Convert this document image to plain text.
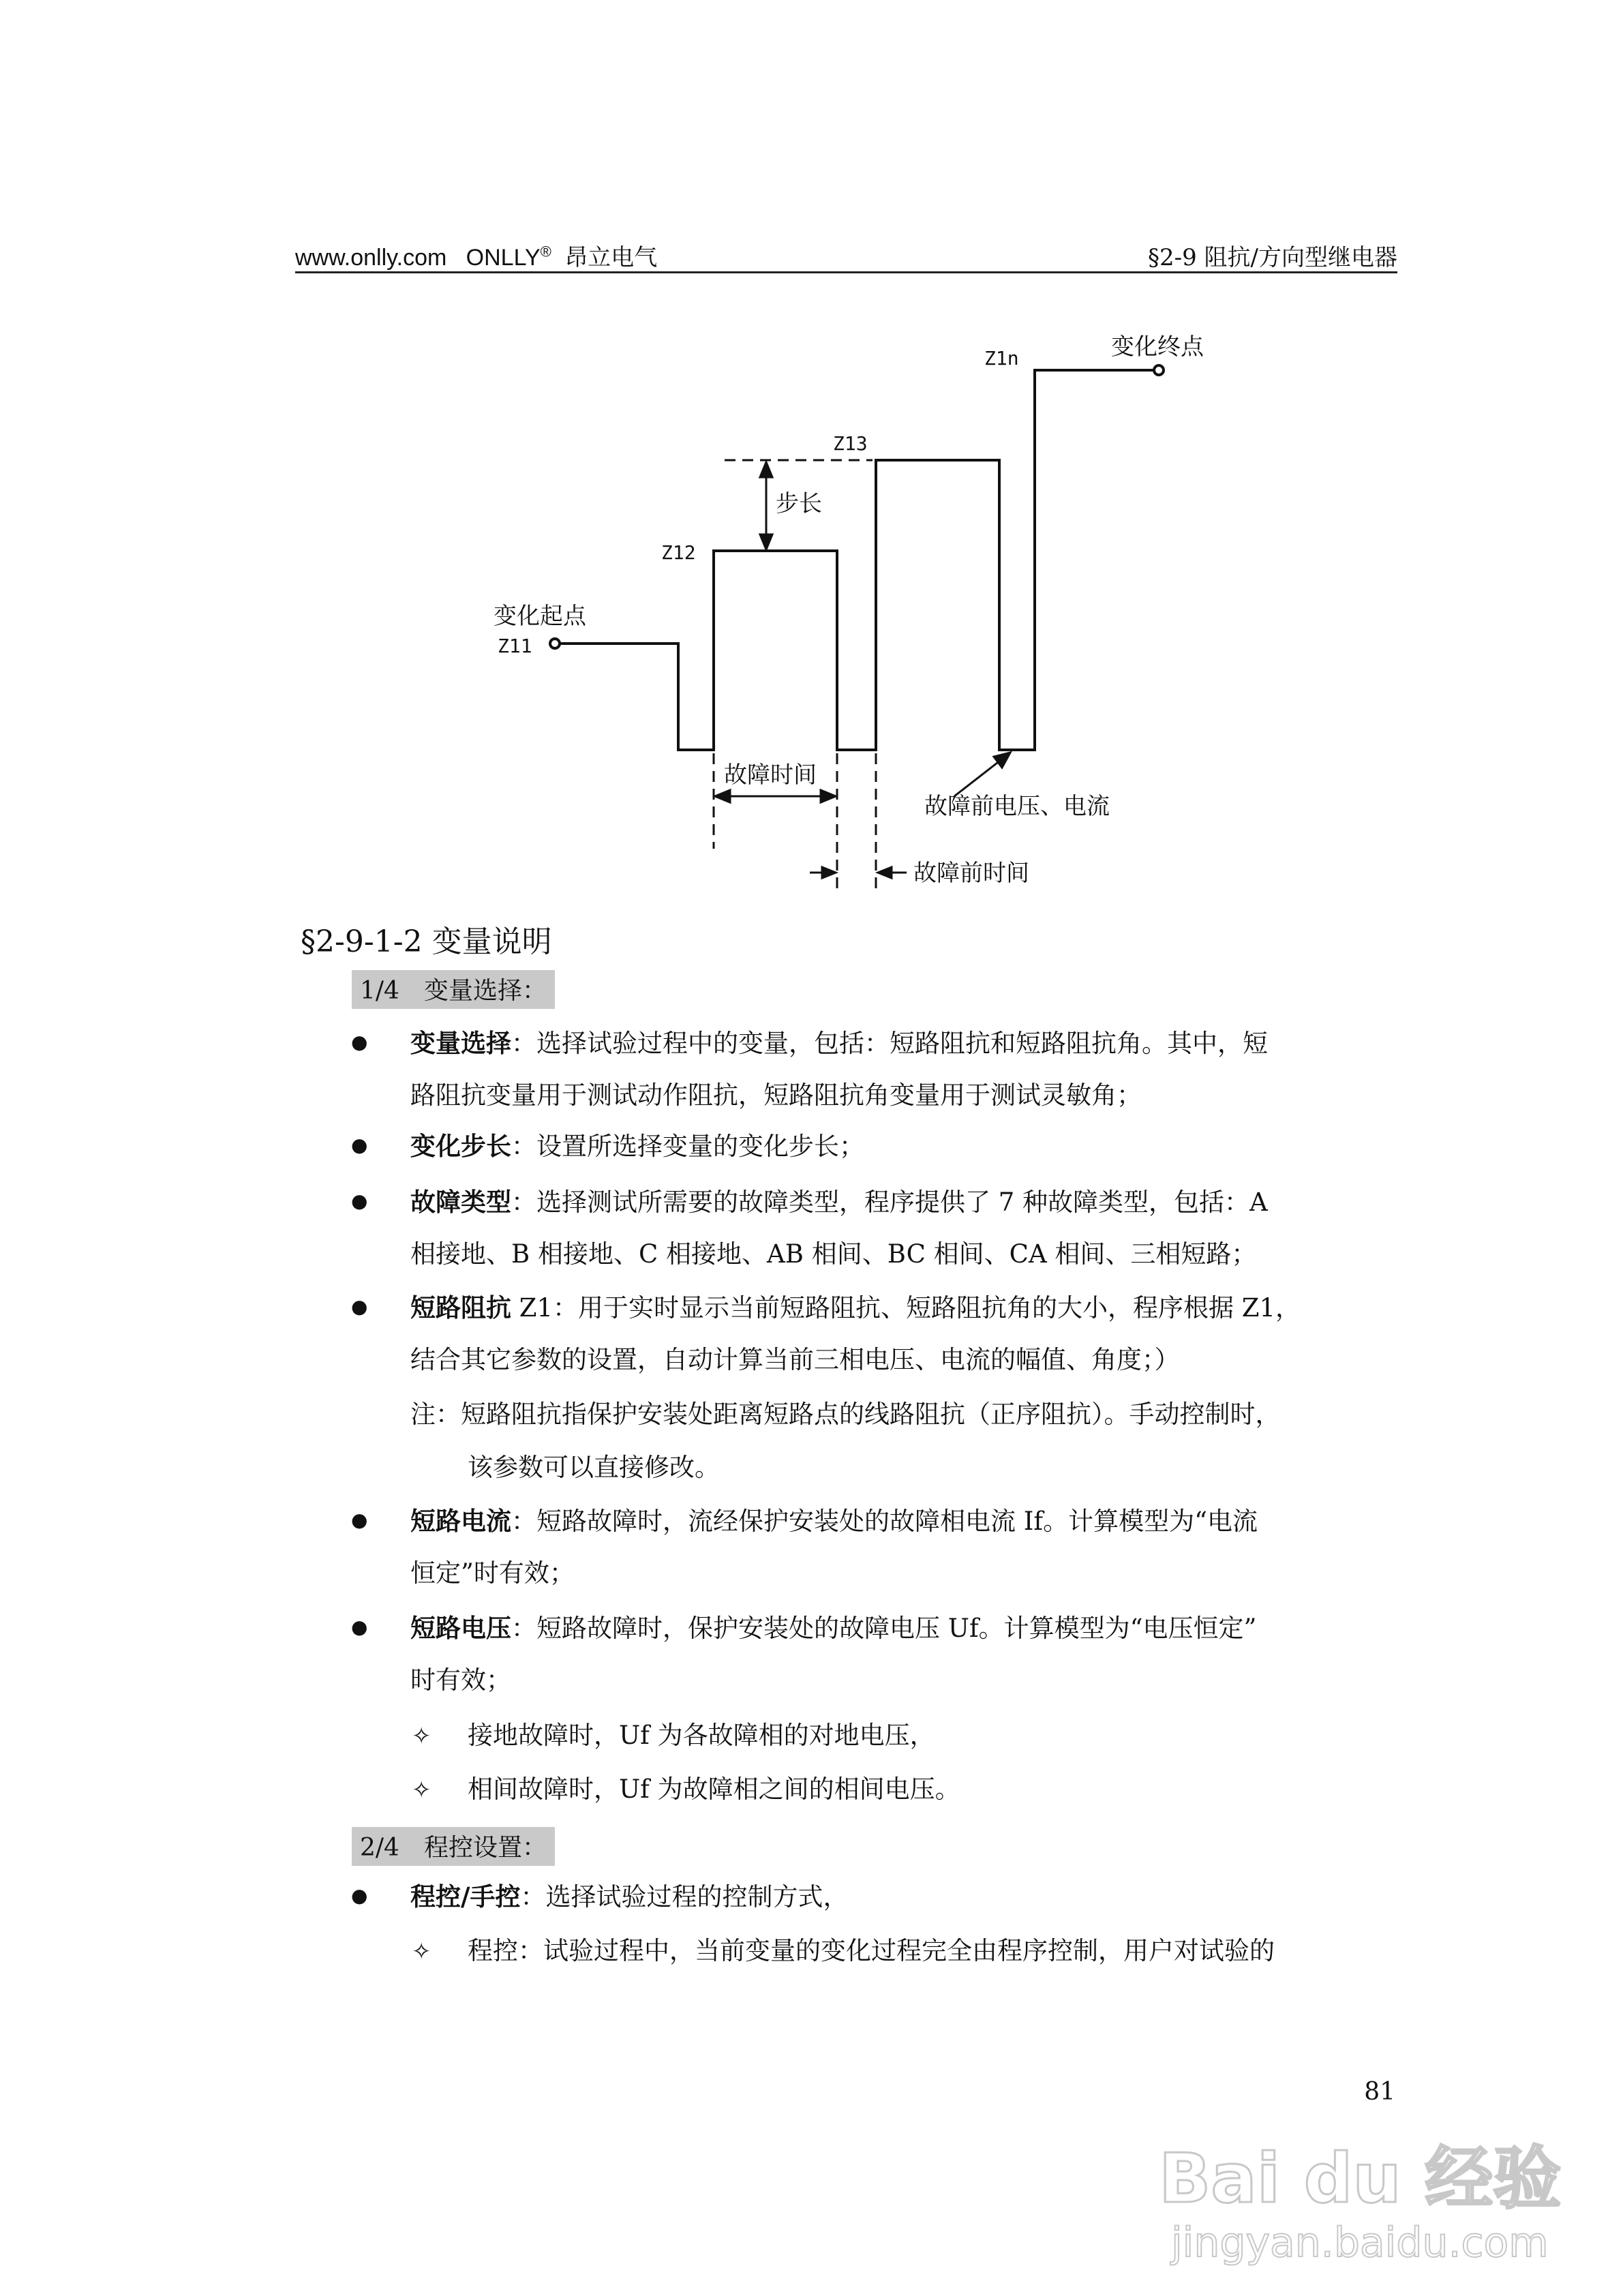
www.onlly.com ONLLY® 昂立电气	§2-9 阻抗/方向型继电器
变化起点
Z11
Z12
Z13
Z1n	变化终点
步长
故障时间
故障前电压、电流
故障前时间
§2-9-1-2 变量说明
1/4　变量选择：
● 变量选择：选择试验过程中的变量，包括：短路阻抗和短路阻抗角。其中，短
路阻抗变量用于测试动作阻抗，短路阻抗角变量用于测试灵敏角；
● 变化步长：设置所选择变量的变化步长；
● 故障类型：选择测试所需要的故障类型，程序提供了 7 种故障类型，包括：A
相接地、B 相接地、C 相接地、AB 相间、BC 相间、CA 相间、三相短路；
● 短路阻抗 Z1：用于实时显示当前短路阻抗、短路阻抗角的大小，程序根据 Z1，
结合其它参数的设置，自动计算当前三相电压、电流的幅值、角度；）
注：短路阻抗指保护安装处距离短路点的线路阻抗（正序阻抗）。手动控制时，
该参数可以直接修改。
● 短路电流：短路故障时，流经保护安装处的故障相电流 If。计算模型为“电流
恒定”时有效；
● 短路电压：短路故障时，保护安装处的故障电压 Uf。计算模型为“电压恒定”
时有效；
✧ 接地故障时，Uf 为各故障相的对地电压，
✧ 相间故障时，Uf 为故障相之间的相间电压。
2/4　程控设置：
● 程控/手控：选择试验过程的控制方式，
✧ 程控：试验过程中，当前变量的变化过程完全由程序控制，用户对试验的
81
Bai du 经验
jingyan.baidu.com
